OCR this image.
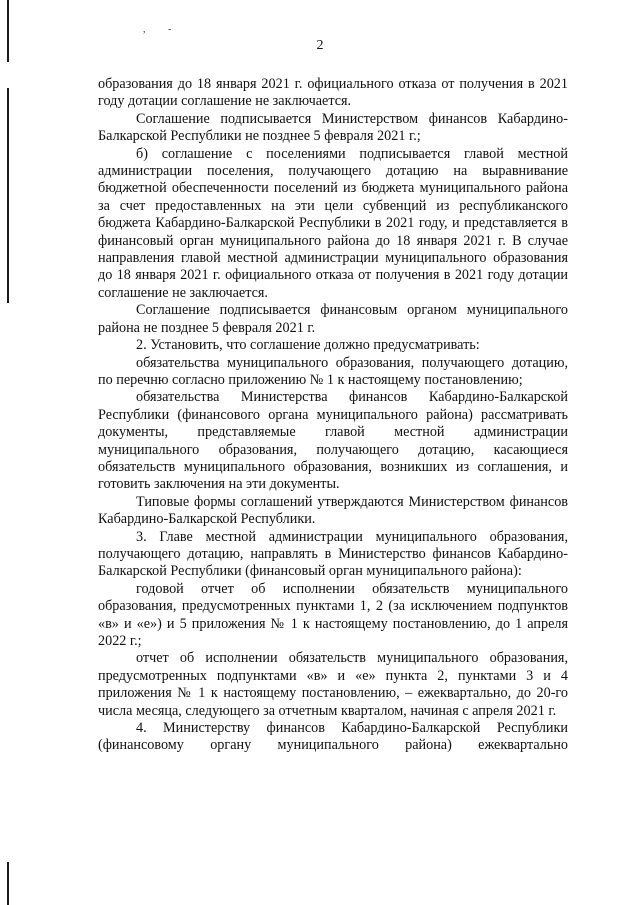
, -
2

образования до 18 января 2021 г. официального отказа от получения в 2021 году дотации соглашение не заключается.

Соглашение подписывается Министерством финансов Кабардино-Балкарской Республики не позднее 5 февраля 2021 г.;

б) соглашение с поселениями подписывается главой местной администрации поселения, получающего дотацию на выравнивание бюджетной обеспеченности поселений из бюджета муниципального района за счет предоставленных на эти цели субвенций из республиканского бюджета Кабардино-Балкарской Республики в 2021 году, и представляется в финансовый орган муниципального района до 18 января 2021 г. В случае направления главой местной администрации муниципального образования до 18 января 2021 г. официального отказа от получения в 2021 году дотации соглашение не заключается.

Соглашение подписывается финансовым органом муниципального района не позднее 5 февраля 2021 г.

2. Установить, что соглашение должно предусматривать:

обязательства муниципального образования, получающего дотацию, по перечню согласно приложению № 1 к настоящему постановлению;

обязательства Министерства финансов Кабардино-Балкарской Республики (финансового органа муниципального района) рассматривать документы, представляемые главой местной администрации муниципального образования, получающего дотацию, касающиеся обязательств муниципального образования, возникших из соглашения, и готовить заключения на эти документы.

Типовые формы соглашений утверждаются Министерством финансов Кабардино-Балкарской Республики.

3. Главе местной администрации муниципального образования, получающего дотацию, направлять в Министерство финансов Кабардино-Балкарской Республики (финансовый орган муниципального района):

годовой отчет об исполнении обязательств муниципального образования, предусмотренных пунктами 1, 2 (за исключением подпунктов «в» и «е») и 5 приложения № 1 к настоящему постановлению, до 1 апреля 2022 г.;

отчет об исполнении обязательств муниципального образования, предусмотренных подпунктами «в» и «е» пункта 2, пунктами 3 и 4 приложения № 1 к настоящему постановлению, – ежеквартально, до 20-го числа месяца, следующего за отчетным кварталом, начиная с апреля 2021 г.

4. Министерству финансов Кабардино-Балкарской Республики (финансовому органу муниципального района) ежеквартально
